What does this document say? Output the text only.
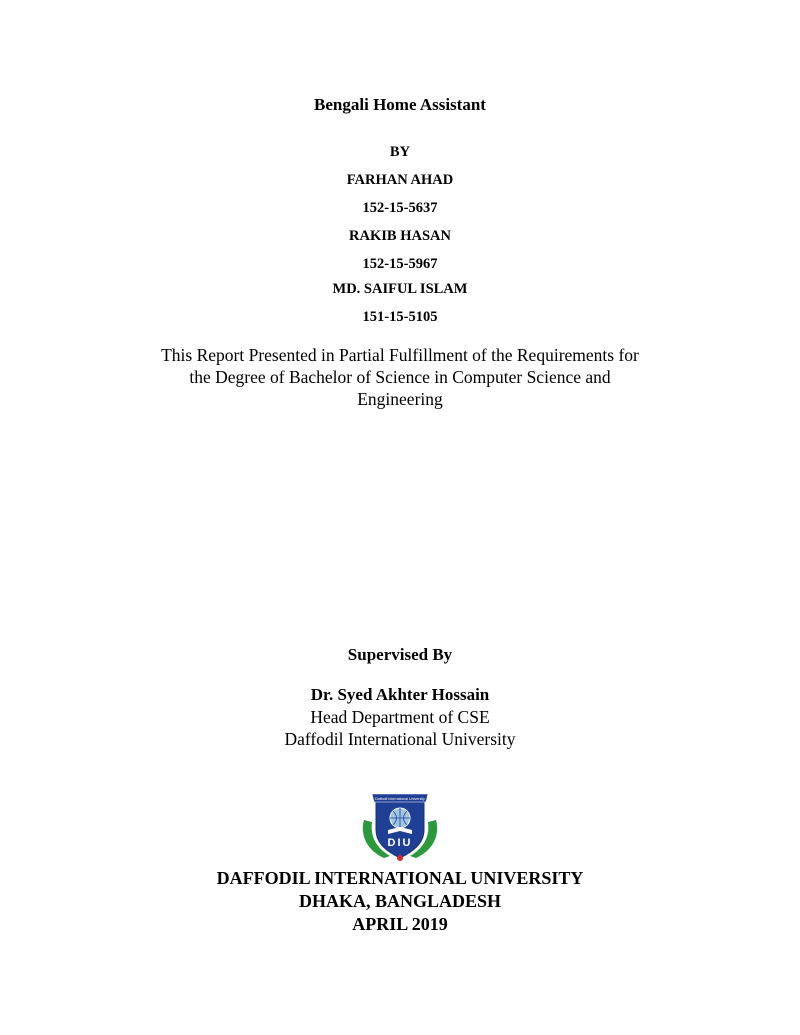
Bengali Home Assistant
BY
FARHAN AHAD
152-15-5637
RAKIB HASAN
152-15-5967
MD. SAIFUL ISLAM
151-15-5105
This Report Presented in Partial Fulfillment of the Requirements for
the Degree of Bachelor of Science in Computer Science and
Engineering
Supervised By
Dr. Syed Akhter Hossain
Head Department of CSE
Daffodil International University
Daffodil International University
DIU
DAFFODIL INTERNATIONAL UNIVERSITY
DHAKA, BANGLADESH
APRIL 2019
